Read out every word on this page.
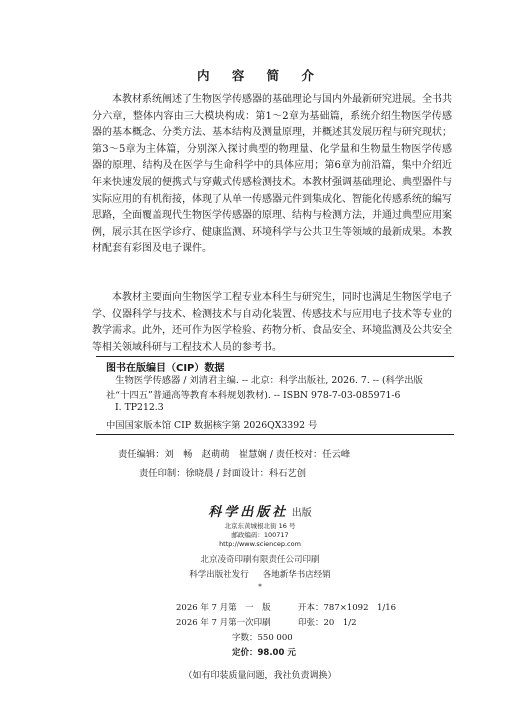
内 容 简 介

本教材系统阐述了生物医学传感器的基础理论与国内外最新研究进展。全书共分六章，整体内容由三大模块构成：第1～2章为基础篇，系统介绍生物医学传感器的基本概念、分类方法、基本结构及测量原理，并概述其发展历程与研究现状；第3～5章为主体篇，分别深入探讨典型的物理量、化学量和生物量生物医学传感器的原理、结构及在医学与生命科学中的具体应用；第6章为前沿篇，集中介绍近年来快速发展的便携式与穿戴式传感检测技术。本教材强调基础理论、典型器件与实际应用的有机衔接，体现了从单一传感器元件到集成化、智能化传感系统的编写思路，全面覆盖现代生物医学传感器的原理、结构与检测方法，并通过典型应用案例，展示其在医学诊疗、健康监测、环境科学与公共卫生等领域的最新成果。本教材配套有彩图及电子课件。

本教材主要面向生物医学工程专业本科生与研究生，同时也满足生物医学电子学、仪器科学与技术、检测技术与自动化装置、传感技术与应用电子技术等专业的教学需求。此外，还可作为医学检验、药物分析、食品安全、环境监测及公共安全等相关领域科研与工程技术人员的参考书。

图书在版编目（CIP）数据

生物医学传感器 / 刘清君主编. -- 北京：科学出版社, 2026. 7. -- (科学出版社“十四五”普通高等教育本科规划教材). -- ISBN 978-7-03-085971-6

Ⅰ. TP212.3
中国国家版本馆 CIP 数据核字第 2026QX3392 号
责任编辑：刘　畅　赵萌萌　崔慧娴 / 责任校对：任云峰
责任印制：徐晓晨 / 封面设计：科石艺创
科学出版社 出版
北京东黄城根北街 16 号
邮政编码：100717
http://www.sciencep.com
北京凌奇印刷有限责任公司印刷
科学出版社发行 各地新华书店经销
*
2026 年 7 月第　一　版	开本：787×1092　1/16
2026 年 7 月第一次印刷	印张：20　1/2
字数：550 000
定价：98.00 元
（如有印装质量问题，我社负责调换）
